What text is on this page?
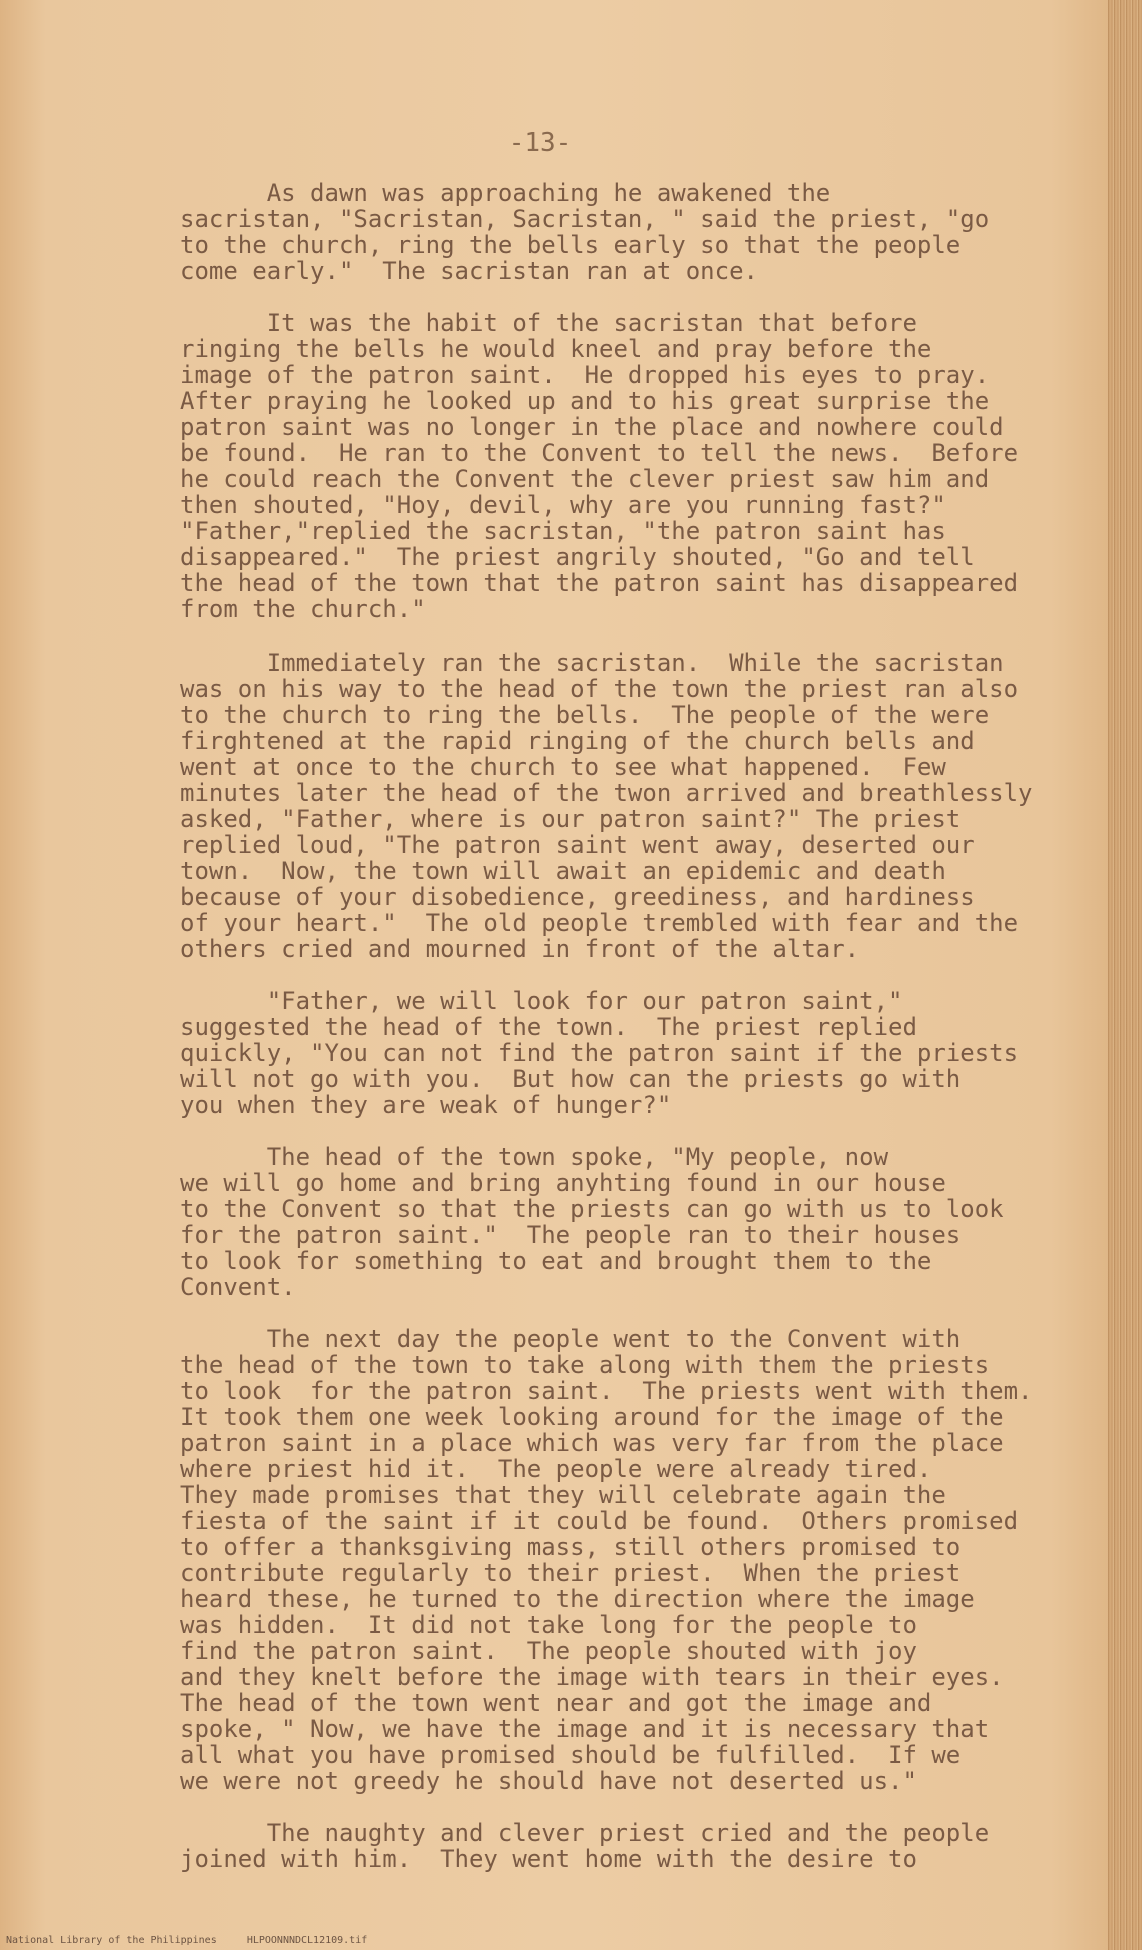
-13-

As dawn was approaching he awakened the
sacristan, "Sacristan, Sacristan, " said the priest, "go
to the church, ring the bells early so that the people
come early."  The sacristan ran at once.

It was the habit of the sacristan that before
ringing the bells he would kneel and pray before the
image of the patron saint.  He dropped his eyes to pray.
After praying he looked up and to his great surprise the
patron saint was no longer in the place and nowhere could
be found.  He ran to the Convent to tell the news.  Before
he could reach the Convent the clever priest saw him and
then shouted, "Hoy, devil, why are you running fast?"
"Father,"replied the sacristan, "the patron saint has
disappeared."  The priest angrily shouted, "Go and tell
the head of the town that the patron saint has disappeared
from the church."

Immediately ran the sacristan.  While the sacristan
was on his way to the head of the town the priest ran also
to the church to ring the bells.  The people of the were
firghtened at the rapid ringing of the church bells and
went at once to the church to see what happened.  Few
minutes later the head of the twon arrived and breathlessly
asked, "Father, where is our patron saint?" The priest
replied loud, "The patron saint went away, deserted our
town.  Now, the town will await an epidemic and death
because of your disobedience, greediness, and hardiness
of your heart."  The old people trembled with fear and the
others cried and mourned in front of the altar.

"Father, we will look for our patron saint,"
suggested the head of the town.  The priest replied
quickly, "You can not find the patron saint if the priests
will not go with you.  But how can the priests go with
you when they are weak of hunger?"

The head of the town spoke, "My people, now
we will go home and bring anyhting found in our house
to the Convent so that the priests can go with us to look
for the patron saint."  The people ran to their houses
to look for something to eat and brought them to the
Convent.

The next day the people went to the Convent with
the head of the town to take along with them the priests
to look  for the patron saint.  The priests went with them.
It took them one week looking around for the image of the
patron saint in a place which was very far from the place
where priest hid it.  The people were already tired.
They made promises that they will celebrate again the
fiesta of the saint if it could be found.  Others promised
to offer a thanksgiving mass, still others promised to
contribute regularly to their priest.  When the priest
heard these, he turned to the direction where the image
was hidden.  It did not take long for the people to
find the patron saint.  The people shouted with joy
and they knelt before the image with tears in their eyes.
The head of the town went near and got the image and
spoke, " Now, we have the image and it is necessary that
all what you have promised should be fulfilled.  If we
we were not greedy he should have not deserted us."

The naughty and clever priest cried and the people
joined with him.  They went home with the desire to

National Library of the Philippines     HLPOONNNDCL12109.tif
